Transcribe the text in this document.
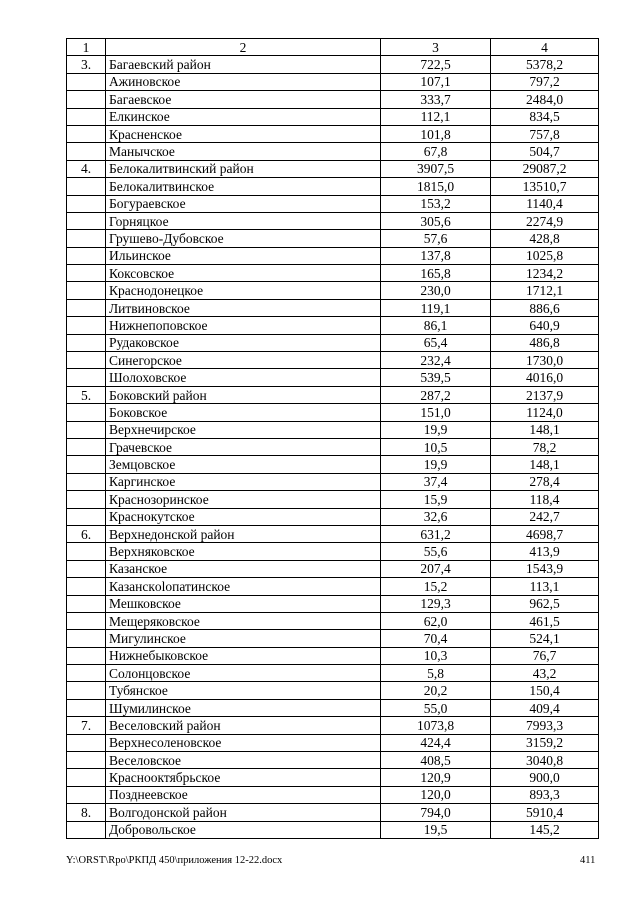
1	2	3	4
3.	Багаевский район	722,5	5378,2
	Ажиновское	107,1	797,2
	Багаевское	333,7	2484,0
	Елкинское	112,1	834,5
	Красненское	101,8	757,8
	Манычское	67,8	504,7
4.	Белокалитвинский район	3907,5	29087,2
	Белокалитвинское	1815,0	13510,7
	Богураевское	153,2	1140,4
	Горняцкое	305,6	2274,9
	Грушево-Дубовское	57,6	428,8
	Ильинское	137,8	1025,8
	Коксовское	165,8	1234,2
	Краснодонецкое	230,0	1712,1
	Литвиновское	119,1	886,6
	Нижнепоповское	86,1	640,9
	Рудаковское	65,4	486,8
	Синегорское	232,4	1730,0
	Шолоховское	539,5	4016,0
5.	Боковский район	287,2	2137,9
	Боковское	151,0	1124,0
	Верхнечирское	19,9	148,1
	Грачевское	10,5	78,2
	Земцовское	19,9	148,1
	Каргинское	37,4	278,4
	Краснозоринское	15,9	118,4
	Краснокутское	32,6	242,7
6.	Верхнедонской район	631,2	4698,7
	Верхняковское	55,6	413,9
	Казанское	207,4	1543,9
	Казанскolопатинское	15,2	113,1
	Мешковское	129,3	962,5
	Мещеряковское	62,0	461,5
	Мигулинское	70,4	524,1
	Нижнебыковское	10,3	76,7
	Солонцовское	5,8	43,2
	Тубянское	20,2	150,4
	Шумилинское	55,0	409,4
7.	Веселовский район	1073,8	7993,3
	Верхнесоленовское	424,4	3159,2
	Веселовское	408,5	3040,8
	Краснооктябрьское	120,9	900,0
	Позднеевское	120,0	893,3
8.	Волгодонской район	794,0	5910,4
	Добровольское	19,5	145,2
Y:\ORST\Rpo\РКПД 450\приложения 12-22.docx	411
